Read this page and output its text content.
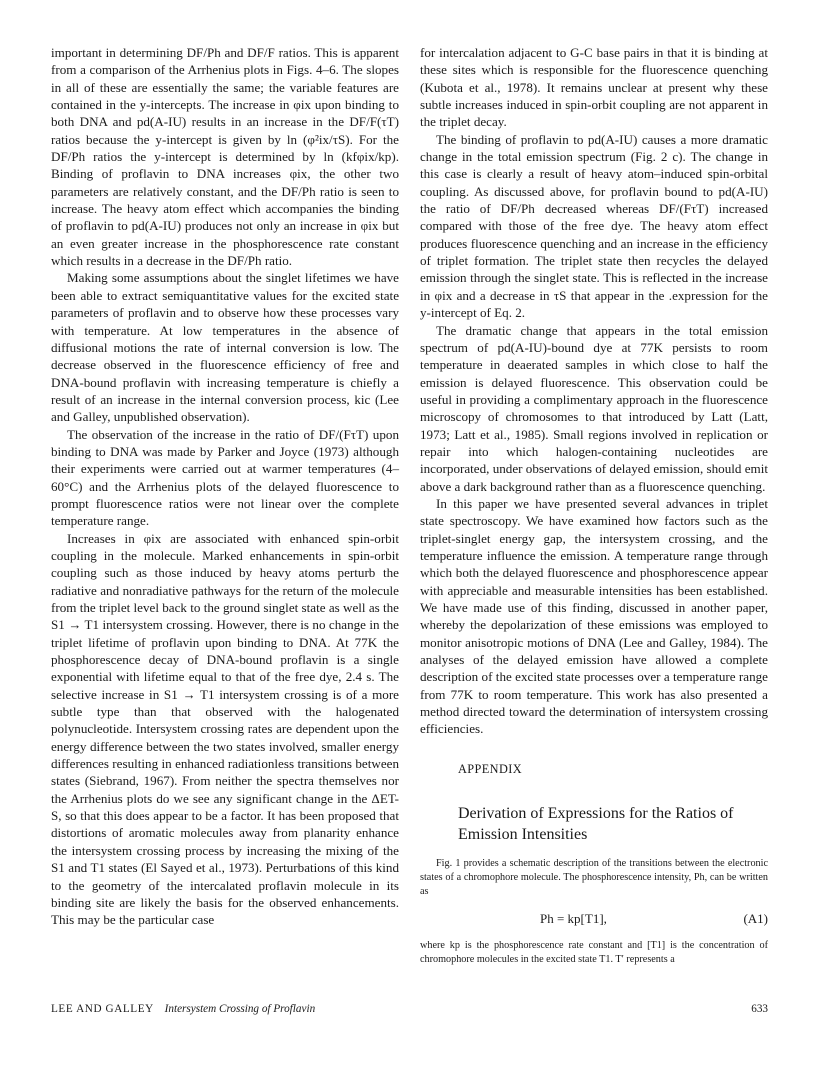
important in determining DF/Ph and DF/F ratios. This is apparent from a comparison of the Arrhenius plots in Figs. 4–6. The slopes in all of these are essentially the same; the variable features are contained in the y-intercepts. The increase in φix upon binding to both DNA and pd(A-IU) results in an increase in the DF/F(τT) ratios because the y-intercept is given by ln (φ²ix/τS). For the DF/Ph ratios the y-intercept is determined by ln (kfφix/kp). Binding of proflavin to DNA increases φix, the other two parameters are relatively constant, and the DF/Ph ratio is seen to increase. The heavy atom effect which accompanies the binding of proflavin to pd(A-IU) produces not only an increase in φix but an even greater increase in the phosphorescence rate constant which results in a decrease in the DF/Ph ratio.

Making some assumptions about the singlet lifetimes we have been able to extract semiquantitative values for the excited state parameters of proflavin and to observe how these processes vary with temperature. At low temperatures in the absence of diffusional motions the rate of internal conversion is low. The decrease observed in the fluorescence efficiency of free and DNA-bound proflavin with increasing temperature is chiefly a result of an increase in the internal conversion process, kic (Lee and Galley, unpublished observation).

The observation of the increase in the ratio of DF/(FτT) upon binding to DNA was made by Parker and Joyce (1973) although their experiments were carried out at warmer temperatures (4–60°C) and the Arrhenius plots of the delayed fluorescence to prompt fluorescence ratios were not linear over the complete temperature range.

Increases in φix are associated with enhanced spin-orbit coupling in the molecule. Marked enhancements in spin-orbit coupling such as those induced by heavy atoms perturb the radiative and nonradiative pathways for the return of the molecule from the triplet level back to the ground singlet state as well as the S1 → T1 intersystem crossing. However, there is no change in the triplet lifetime of proflavin upon binding to DNA. At 77K the phosphorescence decay of DNA-bound proflavin is a single exponential with lifetime equal to that of the free dye, 2.4 s. The selective increase in S1 → T1 intersystem crossing is of a more subtle type than that observed with the halogenated polynucleotide. Intersystem crossing rates are dependent upon the energy difference between the two states involved, smaller energy differences resulting in enhanced radiationless transitions between states (Siebrand, 1967). From neither the spectra themselves nor the Arrhenius plots do we see any significant change in the ΔET-S, so that this does appear to be a factor. It has been proposed that distortions of aromatic molecules away from planarity enhance the intersystem crossing process by increasing the mixing of the S1 and T1 states (El Sayed et al., 1973). Perturbations of this kind to the geometry of the intercalated proflavin molecule in its binding site are likely the basis for the observed enhancements. This may be the particular case

for intercalation adjacent to G-C base pairs in that it is binding at these sites which is responsible for the fluorescence quenching (Kubota et al., 1978). It remains unclear at present why these subtle increases induced in spin-orbit coupling are not apparent in the triplet decay.

The binding of proflavin to pd(A-IU) causes a more dramatic change in the total emission spectrum (Fig. 2 c). The change in this case is clearly a result of heavy atom–induced spin-orbital coupling. As discussed above, for proflavin bound to pd(A-IU) the ratio of DF/Ph decreased whereas DF/(FτT) increased compared with those of the free dye. The heavy atom effect produces fluorescence quenching and an increase in the efficiency of triplet formation. The triplet state then recycles the delayed emission through the singlet state. This is reflected in the increase in φix and a decrease in τS that appear in the .expression for the y-intercept of Eq. 2.

The dramatic change that appears in the total emission spectrum of pd(A-IU)-bound dye at 77K persists to room temperature in deaerated samples in which close to half the emission is delayed fluorescence. This observation could be useful in providing a complimentary approach in the fluorescence microscopy of chromosomes to that introduced by Latt (Latt, 1973; Latt et al., 1985). Small regions involved in replication or repair into which halogen-containing nucleotides are incorporated, under observations of delayed emission, should emit above a dark background rather than as a fluorescence quenching.

In this paper we have presented several advances in triplet state spectroscopy. We have examined how factors such as the triplet-singlet energy gap, the intersystem crossing, and the temperature influence the emission. A temperature range through which both the delayed fluorescence and phosphorescence appear with appreciable and measurable intensities has been established. We have made use of this finding, discussed in another paper, whereby the depolarization of these emissions was employed to monitor anisotropic motions of DNA (Lee and Galley, 1984). The analyses of the delayed emission have allowed a complete description of the excited state processes over a temperature range from 77K to room temperature. This work has also presented a method directed toward the determination of intersystem crossing efficiencies.

APPENDIX
Derivation of Expressions for the Ratios of Emission Intensities

Fig. 1 provides a schematic description of the transitions between the electronic states of a chromophore molecule. The phosphorescence intensity, Ph, can be written as

Ph = kp[T1],	(A1)

where kp is the phosphorescence rate constant and [T1] is the concentration of chromophore molecules in the excited state T1. T′ represents a

LEE AND GALLEY Intersystem Crossing of Proflavin	633
